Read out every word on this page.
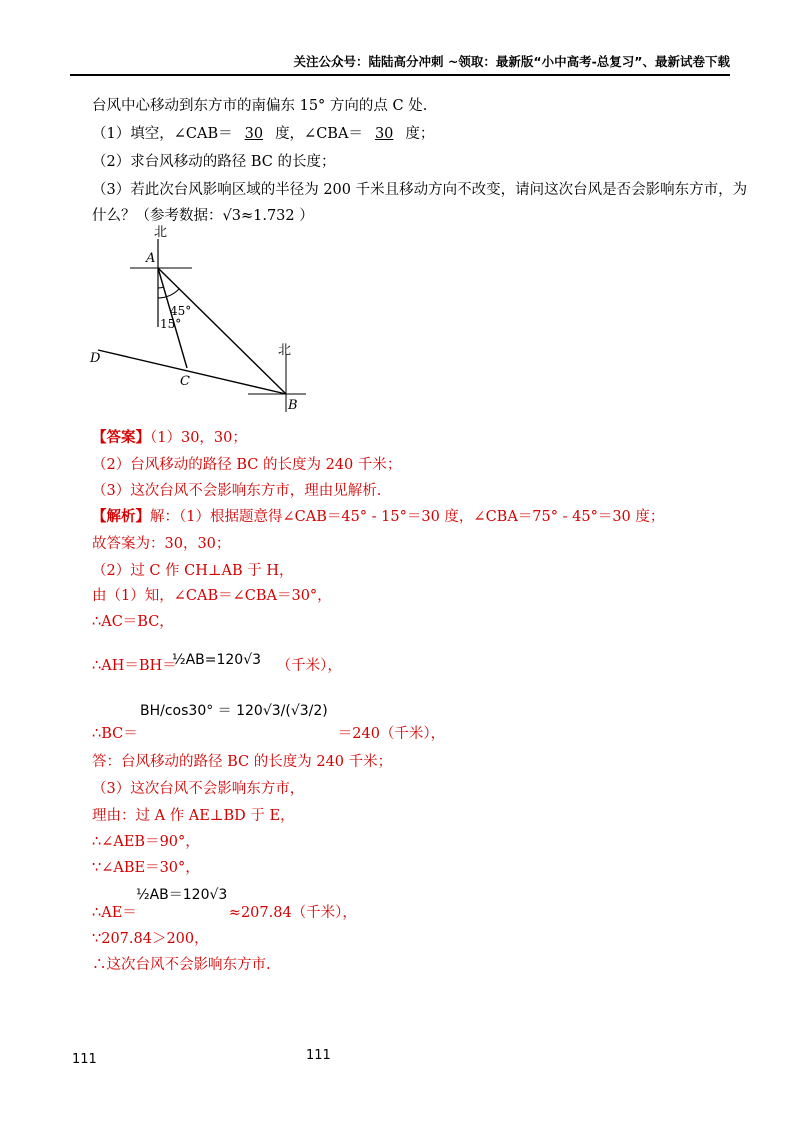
关注公众号：陆陆高分冲刺 ~领取：最新版“小中高考-总复习”、最新试卷下载
台风中心移动到东方市的南偏东 15° 方向的点 C 处.
（1）填空，∠CAB＝ 30 度，∠CBA＝ 30 度；
（2）求台风移动的路径 BC 的长度；
（3）若此次台风影响区域的半径为 200 千米且移动方向不改变，请问这次台风是否会影响东方市，为
什么？（参考数据：√3≈1.732 ）
北
A
45°
15°
D
C
北
B
【答案】（1）30，30；
（2）台风移动的路径 BC 的长度为 240 千米；
（3）这次台风不会影响东方市，理由见解析.
【解析】解：（1）根据题意得∠CAB＝45° - 15°＝30 度，∠CBA＝75° - 45°＝30 度；
故答案为：30，30；
（2）过 C 作 CH⊥AB 于 H，
由（1）知，∠CAB＝∠CBA＝30°，
∴AC＝BC，
∴AH＝BH＝	（千米），
½AB=120√3
∴BC＝	＝240（千米），
BH/cos30° ＝ 120√3/(√3/2)
答：台风移动的路径 BC 的长度为 240 千米；
（3）这次台风不会影响东方市，
理由：过 A 作 AE⊥BD 于 E，
∴∠AEB＝90°，
∵∠ABE＝30°，
∴AE＝	≈207.84（千米），
½AB＝120√3
∵207.84＞200，
∴这次台风不会影响东方市.
111	111
